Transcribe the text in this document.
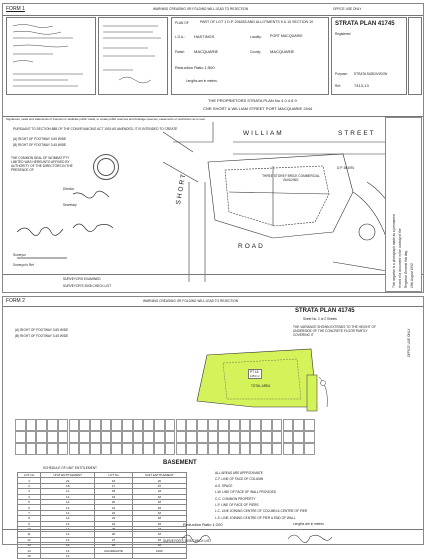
FORM 1	WARNING CREASING OR FOLDING WILL LEAD TO REJECTION	OFFICE USE ONLY
PLAN OF	PART OF LOT 1 D.P. 206453 AND ALLOTMENTS 9 & 10 SECTION 10
L.G.A.: HASTINGS	Locality: PORT MACQUARIE
Parish: MACQUARIE	County: MACQUARIE
Reduction Ratio 1:500
Lengths are in metres
STRATA PLAN 41745
Registered
Purpose: STRATA SUBDIVISION
Ref:	7413-13
THE PROPRIETORS STRATA PLAN No 4 0 4 8 9
CNR SHORT & WILLIAM STREET PORT MACQUARIE 2444
Signatures, seals and statements of intention to dedicate public roads, to create public reserves and drainage reserves, easements or restrictions as to user.
PURSUANT TO SECTION 88B OF THE CONVEYANCING ACT 1919 AS AMENDED, IT IS INTENDED TO CREATE
(A) RIGHT OF FOOTWAY 3.65 WIDE
(B) RIGHT OF FOOTWAY 3.45 WIDE
THE COMMON SEAL OF WOMBAT PTY LIMITED WAS HEREUNTO AFFIXED BY AUTHORITY OF THE DIRECTORS IN THE PRESENCE OF
Director
Secretary
Surveyor
Surveyor's Ref
WILLIAM	STREET
SHORT
ROAD
THREE STOREY BRICK COMMERCIAL BUILDING
D.P. 584091
SURVEYORS EXAMINED
SURVEYOR'S 3008 CHECK LIST	This negative is a photograph made as a permanent record of a document in the custody of the Registrar General this day. 19th August 1992
FORM 2	WARNING CREASING OR FOLDING WILL LEAD TO REJECTION
STRATA PLAN 41745
Sheet No. 2 of 2 Sheets
THE VARIANCE SHOWN EXTENDS TO THE HEIGHT OF UNDERSIDE OF THE CONCRETE FLOOR PARTLY COVERING IT	OFFICE USE ONLY
(A) RIGHT OF FOOTWAY 3.65 WIDE
(B) RIGHT OF FOOTWAY 3.45 WIDE
PT 16
1253 m²
TOTAL AREA
BASEMENT
SCHEDULE OF UNIT ENTITLEMENT
LOT No	UNIT ENTITLEMENT	LOT No	UNIT ENTITLEMENT
1	22	16	26
2	18	17	15
3	14	18	18
4	14	19	18
5	14	20	18
6	14	21	18
7	14	22	18
8	14	23	18
9	14	24	18
10	14	25	18
11	14	26	18
12	14	27	18
13	14	28	18
14	14	AGGREGATE	1000
15	14		
ALL AREAS ARE APPROXIMATE
C.F. LINE OF FACE OF COLUMN
A.S. SPACE
L.W. LINE OF FACE OF WALL PROVIDED
C.C. COMMON PROPERTY
L.P. LINE OF FACE OF PIERS
L.C. LINE JOINING CENTRE OF COLUMN & CENTRE OF PIER
L.S. LINE JOINING CENTRE OF PIER & END OF WALL
Reduction Ratio 1:200	Lengths are in metres
SURVEYOR'S 3008 CHECK LIST
